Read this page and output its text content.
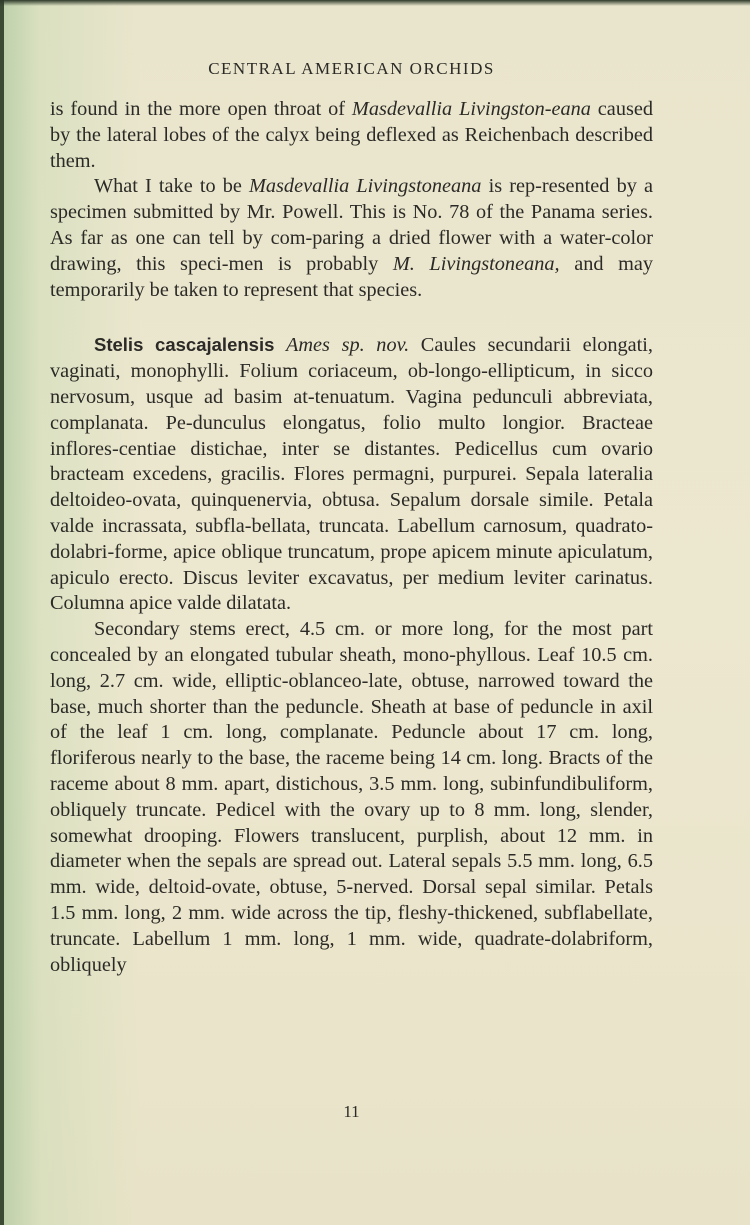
CENTRAL AMERICAN ORCHIDS

is found in the more open throat of Masdevallia Livingston-eana caused by the lateral lobes of the calyx being deflexed as Reichenbach described them.

What I take to be Masdevallia Livingstoneana is rep-resented by a specimen submitted by Mr. Powell. This is No. 78 of the Panama series. As far as one can tell by com-paring a dried flower with a water-color drawing, this speci-men is probably M. Livingstoneana, and may temporarily be taken to represent that species.

Stelis cascajalensis Ames sp. nov. Caules secundarii elongati, vaginati, monophylli. Folium coriaceum, ob-longo-ellipticum, in sicco nervosum, usque ad basim at-tenuatum. Vagina pedunculi abbreviata, complanata. Pe-dunculus elongatus, folio multo longior. Bracteae inflores-centiae distichae, inter se distantes. Pedicellus cum ovario bracteam excedens, gracilis. Flores permagni, purpurei. Sepala lateralia deltoideo-ovata, quinquenervia, obtusa. Sepalum dorsale simile. Petala valde incrassata, subfla-bellata, truncata. Labellum carnosum, quadrato-dolabri-forme, apice oblique truncatum, prope apicem minute apiculatum, apiculo erecto. Discus leviter excavatus, per medium leviter carinatus. Columna apice valde dilatata.

Secondary stems erect, 4.5 cm. or more long, for the most part concealed by an elongated tubular sheath, mono-phyllous. Leaf 10.5 cm. long, 2.7 cm. wide, elliptic-oblanceo-late, obtuse, narrowed toward the base, much shorter than the peduncle. Sheath at base of peduncle in axil of the leaf 1 cm. long, complanate. Peduncle about 17 cm. long, floriferous nearly to the base, the raceme being 14 cm. long. Bracts of the raceme about 8 mm. apart, distichous, 3.5 mm. long, subinfundibuliform, obliquely truncate. Pedicel with the ovary up to 8 mm. long, slender, somewhat drooping. Flowers translucent, purplish, about 12 mm. in diameter when the sepals are spread out. Lateral sepals 5.5 mm. long, 6.5 mm. wide, deltoid-ovate, obtuse, 5-nerved. Dorsal sepal similar. Petals 1.5 mm. long, 2 mm. wide across the tip, fleshy-thickened, subflabellate, truncate. Labellum 1 mm. long, 1 mm. wide, quadrate-dolabriform, obliquely

11
